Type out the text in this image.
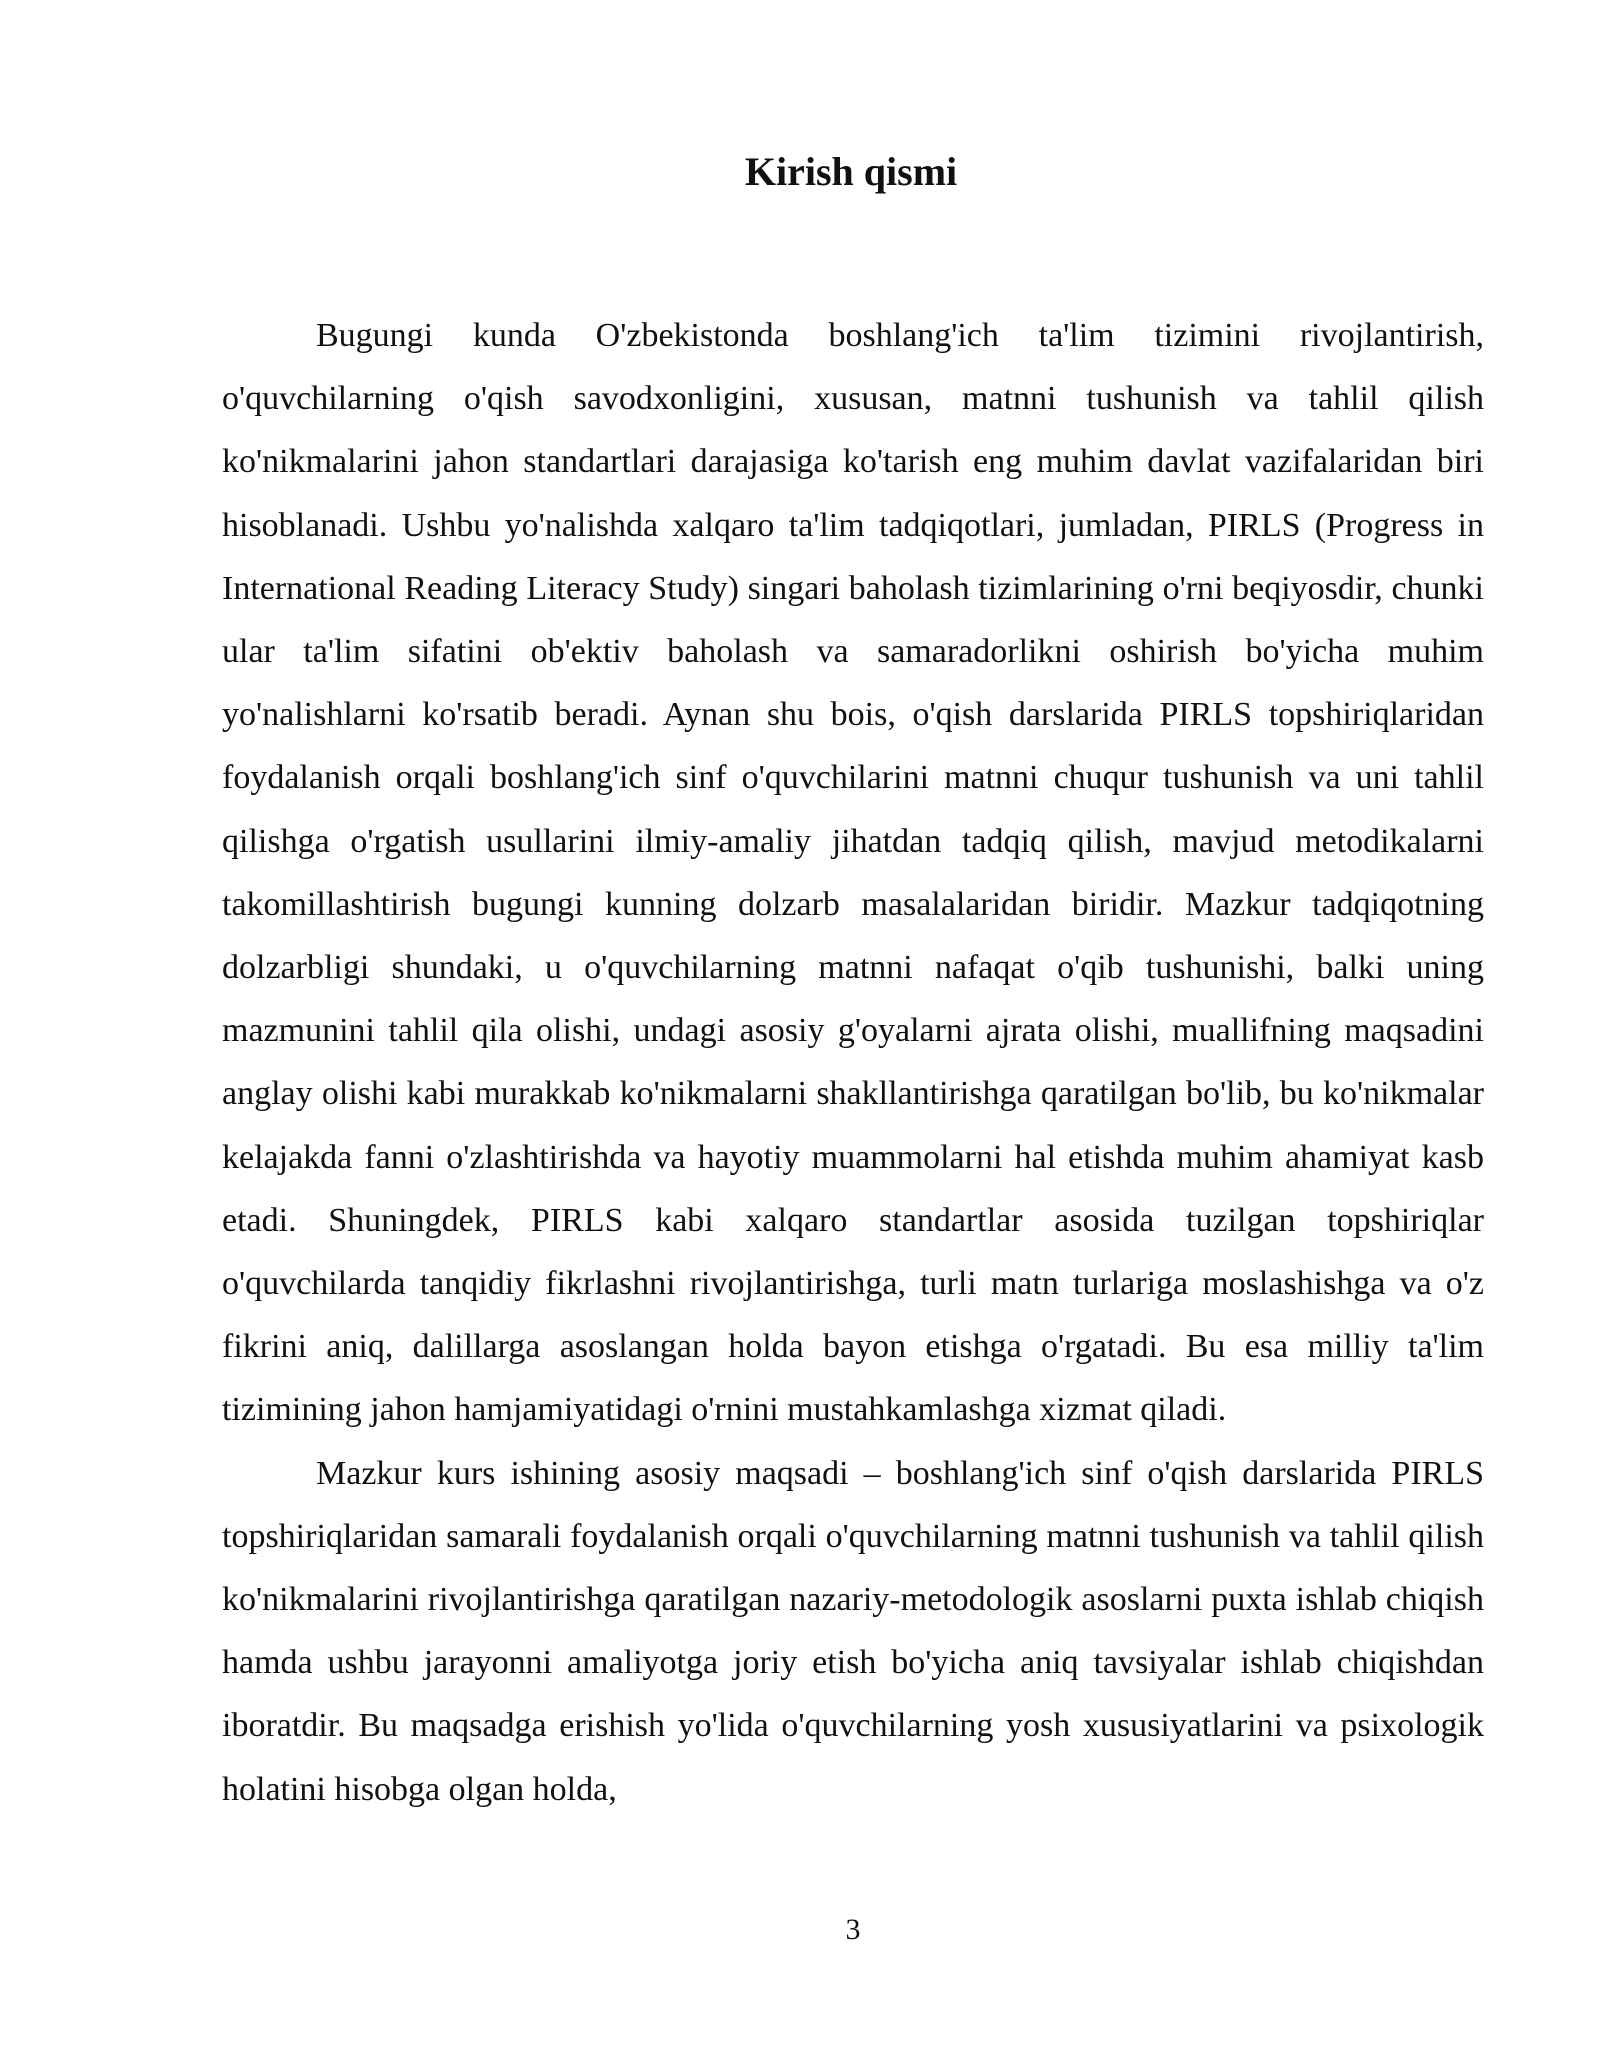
Kirish qismi

Bugungi kunda O'zbekistonda boshlang'ich ta'lim tizimini rivojlantirish, o'quvchilarning o'qish savodxonligini, xususan, matnni tushunish va tahlil qilish ko'nikmalarini jahon standartlari darajasiga ko'tarish eng muhim davlat vazifalaridan biri hisoblanadi. Ushbu yo'nalishda xalqaro ta'lim tadqiqotlari, jumladan, PIRLS (Progress in International Reading Literacy Study) singari baholash tizimlarining o'rni beqiyosdir, chunki ular ta'lim sifatini ob'ektiv baholash va samaradorlikni oshirish bo'yicha muhim yo'nalishlarni ko'rsatib beradi. Aynan shu bois, o'qish darslarida PIRLS topshiriqlaridan foydalanish orqali boshlang'ich sinf o'quvchilarini matnni chuqur tushunish va uni tahlil qilishga o'rgatish usullarini ilmiy-amaliy jihatdan tadqiq qilish, mavjud metodikalarni takomillashtirish bugungi kunning dolzarb masalalaridan biridir. Mazkur tadqiqotning dolzarbligi shundaki, u o'quvchilarning matnni nafaqat o'qib tushunishi, balki uning mazmunini tahlil qila olishi, undagi asosiy g'oyalarni ajrata olishi, muallifning maqsadini anglay olishi kabi murakkab ko'nikmalarni shakllantirishga qaratilgan bo'lib, bu ko'nikmalar kelajakda fanni o'zlashtirishda va hayotiy muammolarni hal etishda muhim ahamiyat kasb etadi. Shuningdek, PIRLS kabi xalqaro standartlar asosida tuzilgan topshiriqlar o'quvchilarda tanqidiy fikrlashni rivojlantirishga, turli matn turlariga moslashishga va o'z fikrini aniq, dalillarga asoslangan holda bayon etishga o'rgatadi. Bu esa milliy ta'lim tizimining jahon hamjamiyatidagi o'rnini mustahkamlashga xizmat qiladi.

Mazkur kurs ishining asosiy maqsadi – boshlang'ich sinf o'qish darslarida PIRLS topshiriqlaridan samarali foydalanish orqali o'quvchilarning matnni tushunish va tahlil qilish ko'nikmalarini rivojlantirishga qaratilgan nazariy-metodologik asoslarni puxta ishlab chiqish hamda ushbu jarayonni amaliyotga joriy etish bo'yicha aniq tavsiyalar ishlab chiqishdan iboratdir. Bu maqsadga erishish yo'lida o'quvchilarning yosh xususiyatlarini va psixologik holatini hisobga olgan holda,

3
